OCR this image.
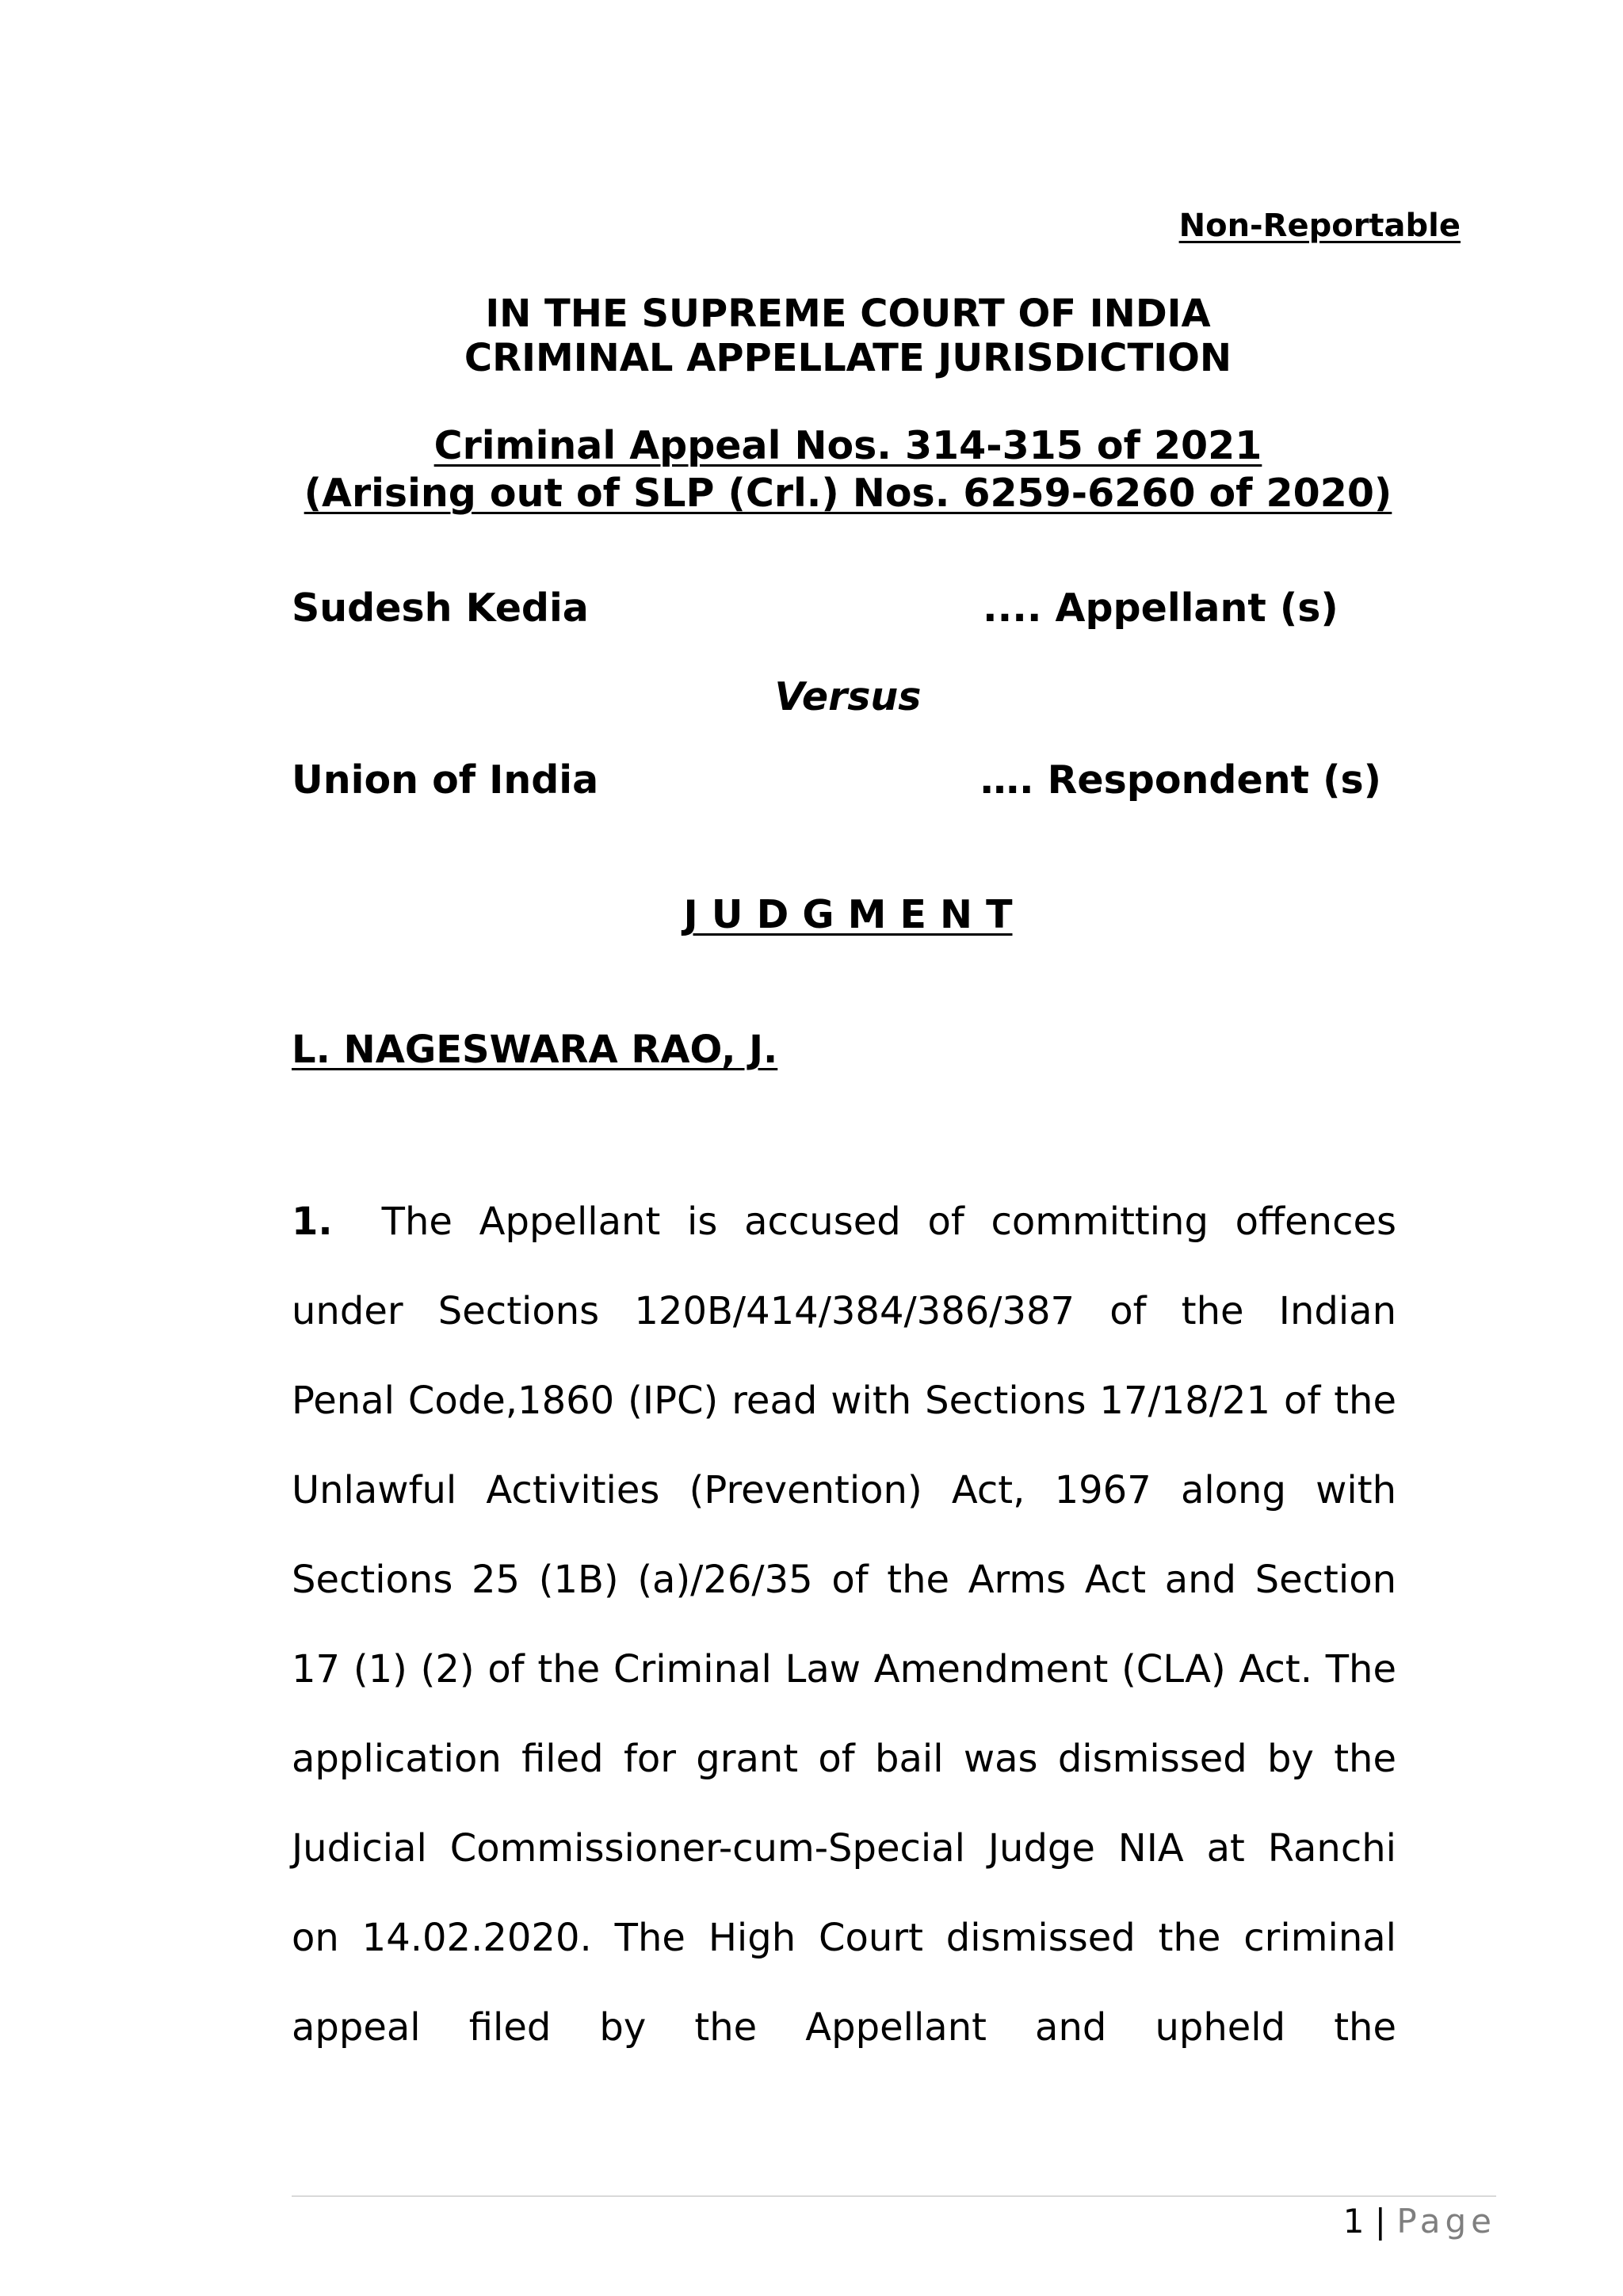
Non-Reportable
IN THE SUPREME COURT OF INDIA
CRIMINAL APPELLATE JURISDICTION
Criminal Appeal Nos. 314-315 of 2021
(Arising out of SLP (Crl.) Nos. 6259-6260 of 2020)
Sudesh Kedia	.... Appellant (s)
Versus
Union of India	…. Respondent (s)
J U D G M E N T
L. NAGESWARA RAO, J.

1. The Appellant is accused of committing offences under Sections 120B/414/384/386/387 of the Indian Penal Code,1860 (IPC) read with Sections 17/18/21 of the Unlawful Activities (Prevention) Act, 1967 along with Sections 25 (1B) (a)/26/35 of the Arms Act and Section 17 (1) (2) of the Criminal Law Amendment (CLA) Act. The application filed for grant of bail was dismissed by the Judicial Commissioner-cum-Special Judge NIA at Ranchi on 14.02.2020. The High Court dismissed the criminal appeal filed by the Appellant and upheld the

1 | Page
